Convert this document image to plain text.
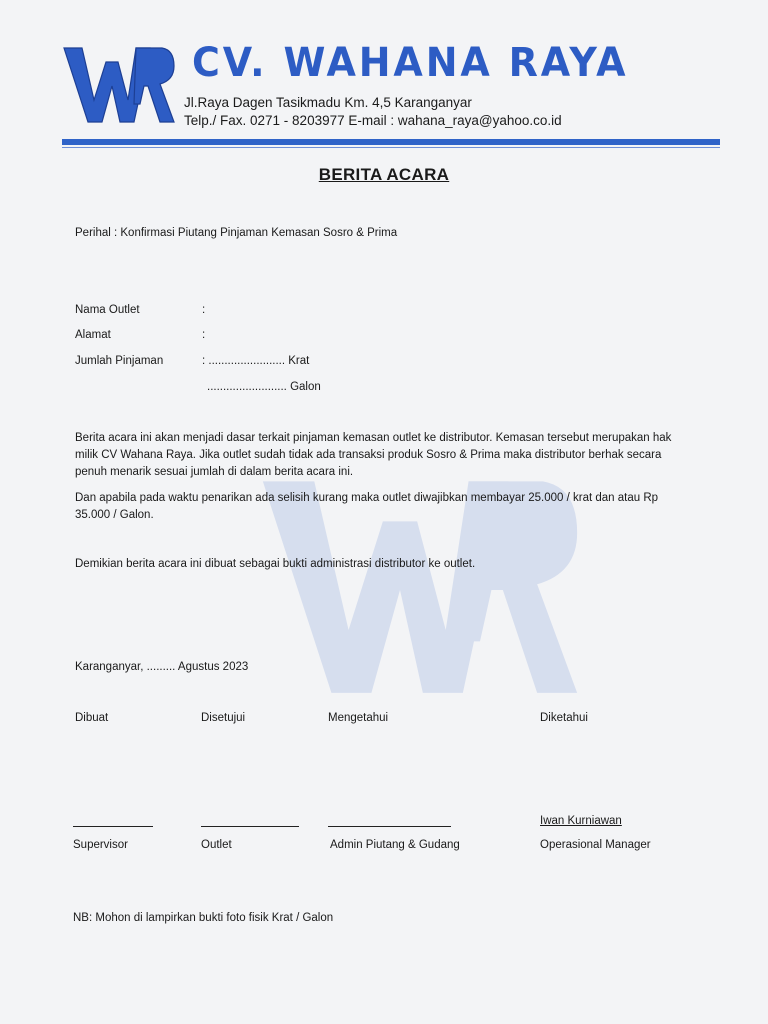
CV. WAHANA RAYA
Jl.Raya Dagen Tasikmadu Km. 4,5 Karanganyar
Telp./ Fax. 0271 - 8203977 E-mail : wahana_raya@yahoo.co.id
BERITA ACARA
Perihal : Konfirmasi Piutang Pinjaman Kemasan Sosro & Prima
Nama Outlet	:
Alamat	:
Jumlah Pinjaman	: ........................ Krat
......................... Galon
Berita acara ini akan menjadi dasar terkait pinjaman kemasan outlet ke distributor. Kemasan tersebut merupakan hak milik CV Wahana Raya. Jika outlet sudah tidak ada transaksi produk Sosro & Prima maka distributor berhak secara penuh menarik sesuai jumlah di dalam berita acara ini.
Dan apabila pada waktu penarikan ada selisih kurang maka outlet diwajibkan membayar 25.000 / krat dan atau Rp 35.000 / Galon.
Demikian berita acara ini dibuat sebagai bukti administrasi distributor ke outlet.
Karanganyar, ......... Agustus 2023
Dibuat	Disetujui	Mengetahui	Diketahui
Iwan Kurniawan
Supervisor	Outlet	Admin Piutang & Gudang	Operasional Manager
NB: Mohon di lampirkan bukti foto fisik Krat / Galon
